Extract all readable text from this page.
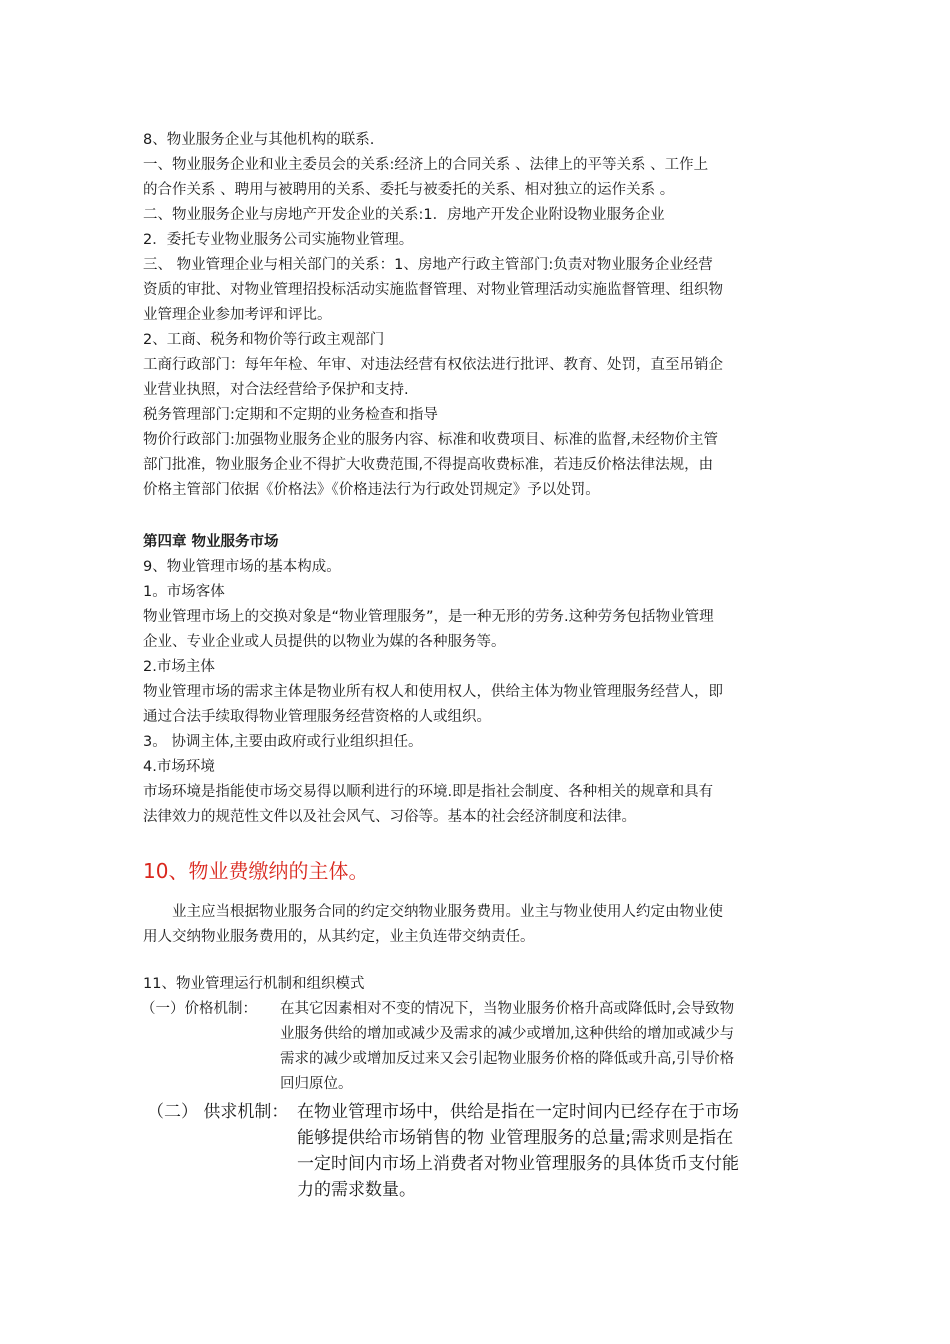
8、物业服务企业与其他机构的联系.
一、物业服务企业和业主委员会的关系:经济上的合同关系 、法律上的平等关系 、工作上
的合作关系 、聘用与被聘用的关系、委托与被委托的关系、相对独立的运作关系 。
二、物业服务企业与房地产开发企业的关系:1．房地产开发企业附设物业服务企业
2．委托专业物业服务公司实施物业管理。
三、 物业管理企业与相关部门的关系：1、房地产行政主管部门:负责对物业服务企业经营
资质的审批、对物业管理招投标活动实施监督管理、对物业管理活动实施监督管理、组织物
业管理企业参加考评和评比。
2、工商、税务和物价等行政主观部门
工商行政部门：每年年检、年审、对违法经营有权依法进行批评、教育、处罚，直至吊销企
业营业执照，对合法经营给予保护和支持.
税务管理部门:定期和不定期的业务检查和指导
物价行政部门:加强物业服务企业的服务内容、标准和收费项目、标准的监督,未经物价主管
部门批准，物业服务企业不得扩大收费范围,不得提高收费标准，若违反价格法律法规，由
价格主管部门依据《价格法》《价格违法行为行政处罚规定》予以处罚。
第四章 物业服务市场
9、物业管理市场的基本构成。
1。市场客体
物业管理市场上的交换对象是“物业管理服务”，是一种无形的劳务.这种劳务包括物业管理
企业、专业企业或人员提供的以物业为媒的各种服务等。
2.市场主体
物业管理市场的需求主体是物业所有权人和使用权人，供给主体为物业管理服务经营人，即
通过合法手续取得物业管理服务经营资格的人或组织。
3。 协调主体,主要由政府或行业组织担任。
4.市场环境
市场环境是指能使市场交易得以顺利进行的环境.即是指社会制度、各种相关的规章和具有
法律效力的规范性文件以及社会风气、习俗等。基本的社会经济制度和法律。
10、物业费缴纳的主体。
业主应当根据物业服务合同的约定交纳物业服务费用。业主与物业使用人约定由物业使
用人交纳物业服务费用的，从其约定，业主负连带交纳责任。
11、物业管理运行机制和组织模式
（一）价格机制：	在其它因素相对不变的情况下，当物业服务价格升高或降低时,会导致物
业服务供给的增加或减少及需求的减少或增加,这种供给的增加或减少与
需求的减少或增加反过来又会引起物业服务价格的降低或升高,引导价格
回归原位。
（二） 供求机制： 在物业管理市场中，供给是指在一定时间内已经存在于市场
能够提供给市场销售的物 业管理服务的总量;需求则是指在
一定时间内市场上消费者对物业管理服务的具体货币支付能
力的需求数量。
